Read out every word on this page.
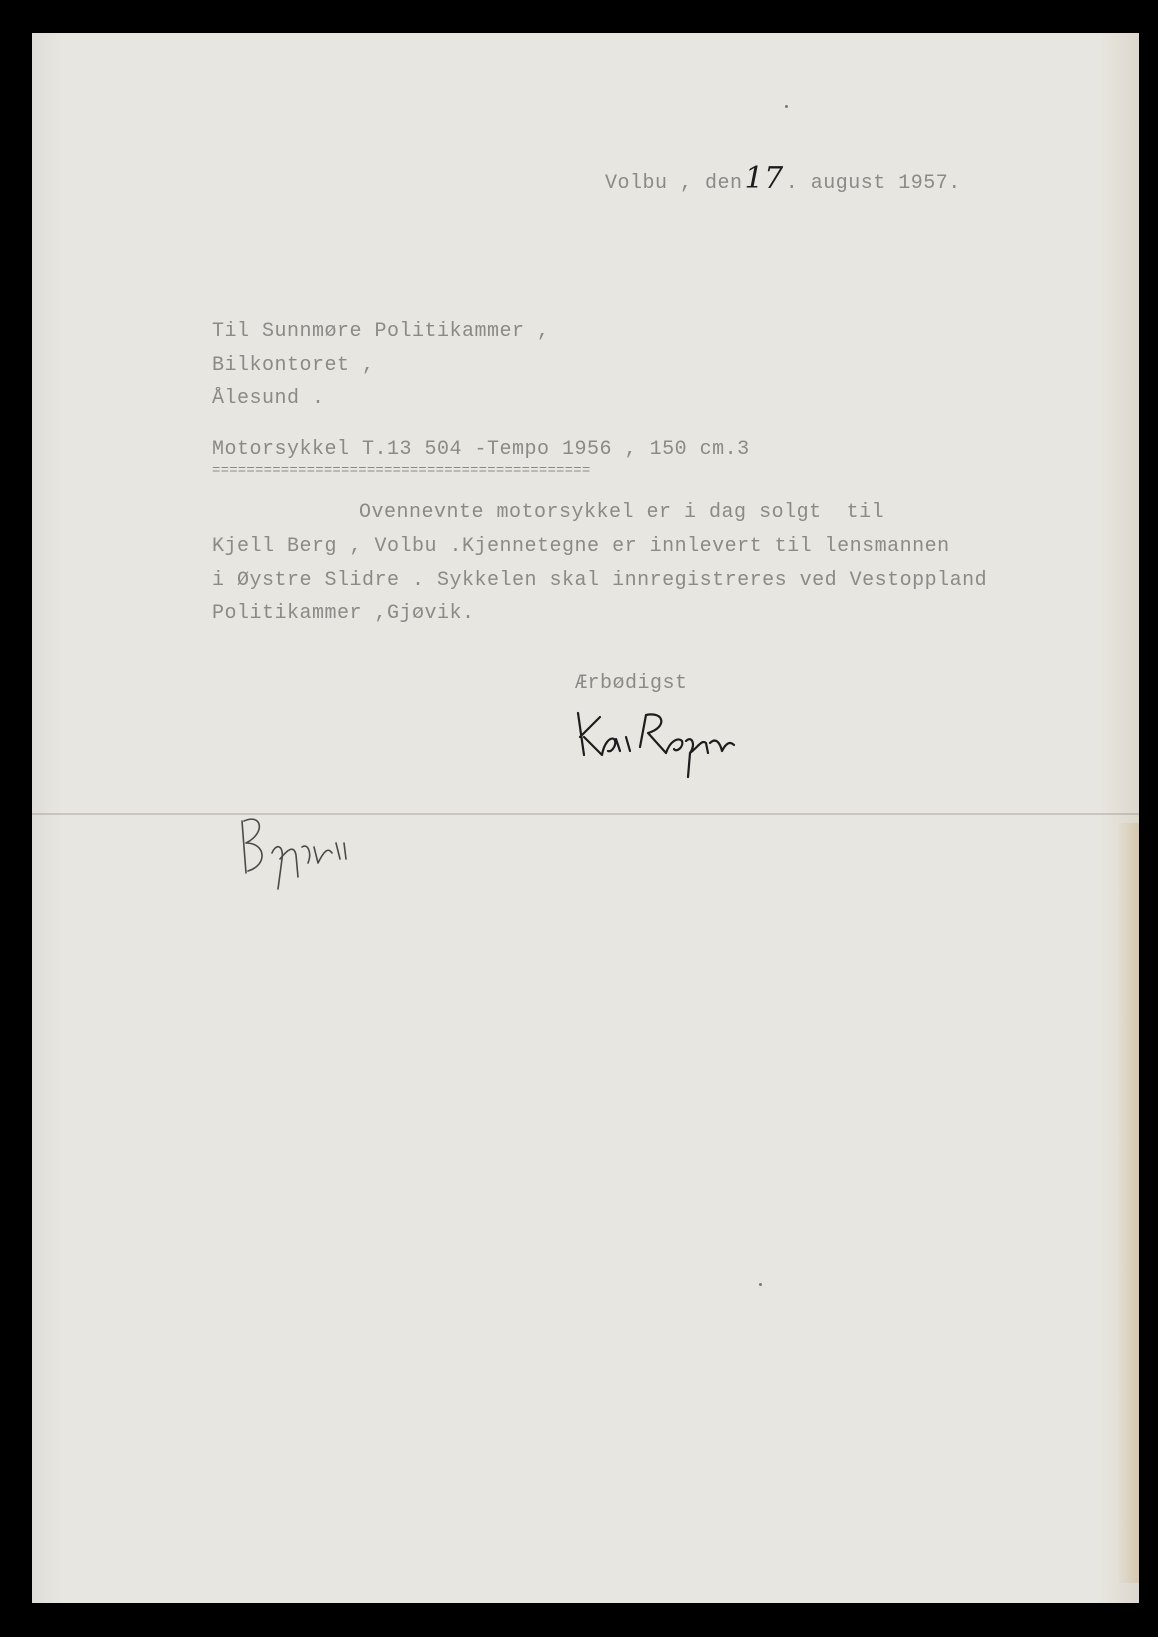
Volbu , den17 . august 1957.
Til Sunnmøre Politikammer ,
Bilkontoret ,
Ålesund .
Motorsykkel T.13 504 -Tempo 1956 , 150 cm.3
============================================
Ovennevnte motorsykkel er i dag solgt  til
Kjell Berg , Volbu .Kjennetegne er innlevert til lensmannen
i Øystre Slidre . Sykkelen skal innregistreres ved Vestoppland
Politikammer ,Gjøvik.
Ærbødigst
